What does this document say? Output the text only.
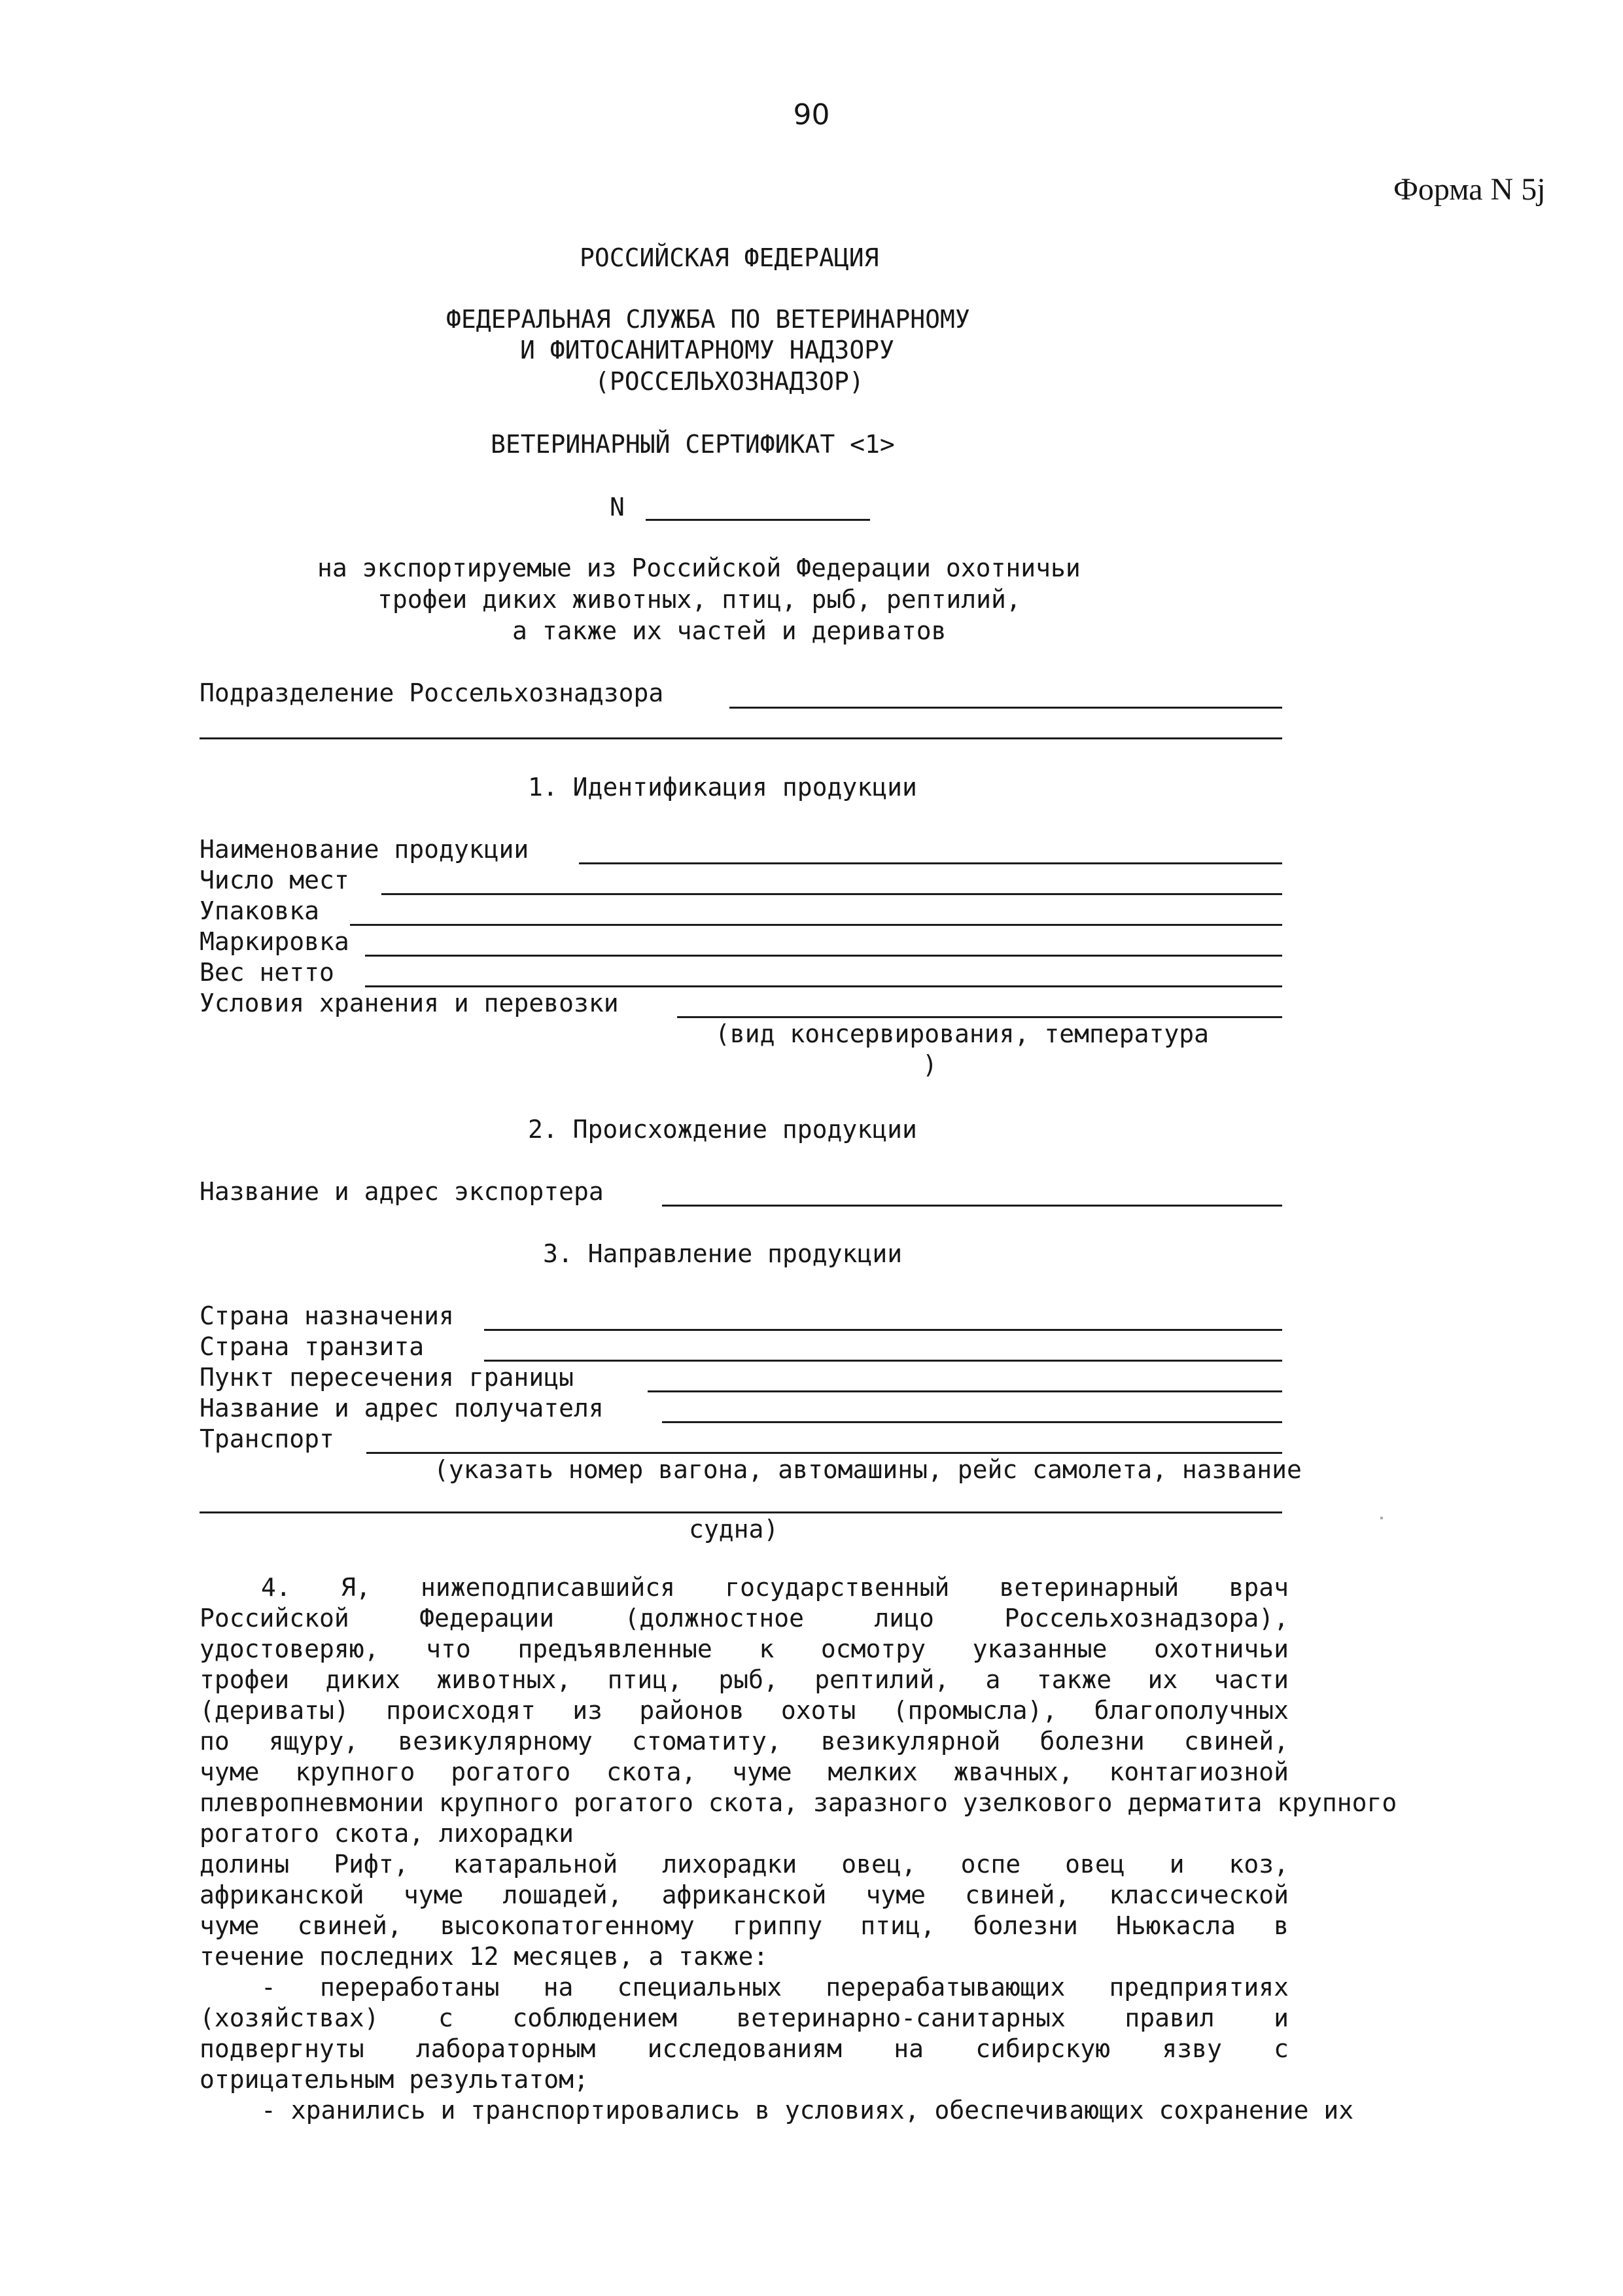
90
Форма N 5j
РОССИЙСКАЯ ФЕДЕРАЦИЯ
ФЕДЕРАЛЬНАЯ СЛУЖБА ПО ВЕТЕРИНАРНОМУ
И ФИТОСАНИТАРНОМУ НАДЗОРУ
(РОССЕЛЬХОЗНАДЗОР)
ВЕТЕРИНАРНЫЙ СЕРТИФИКАТ <1>
N
на экспортируемые из Российской Федерации охотничьи
трофеи диких животных, птиц, рыб, рептилий,
а также их частей и дериватов
Подразделение Россельхознадзора
1. Идентификация продукции
Наименование продукции
Число мест
Упаковка
Маркировка
Вес нетто
Условия хранения и перевозки
(вид консервирования, температура
)
2. Происхождение продукции
Название и адрес экспортера
3. Направление продукции
Страна назначения
Страна транзита
Пункт пересечения границы
Название и адрес получателя
Транспорт
(указать номер вагона, автомашины, рейс самолета, название
судна)
4. Я, нижеподписавшийся государственный ветеринарный врач
Российской Федерации (должностное лицо Россельхознадзора),
удостоверяю, что предъявленные к осмотру указанные охотничьи
трофеи диких животных, птиц, рыб, рептилий, а также их части
(дериваты) происходят из районов охоты (промысла), благополучных
по ящуру, везикулярному стоматиту, везикулярной болезни свиней,
чуме крупного рогатого скота, чуме мелких жвачных, контагиозной
плевропневмонии крупного рогатого скота, заразного узелкового дерматита крупного
рогатого скота, лихорадки
долины Рифт, катаральной лихорадки овец, оспе овец и коз,
африканской чуме лошадей, африканской чуме свиней, классической
чуме свиней, высокопатогенному гриппу птиц, болезни Ньюкасла в
течение последних 12 месяцев, а также:
- переработаны на специальных перерабатывающих предприятиях
(хозяйствах) с соблюдением ветеринарно-санитарных правил и
подвергнуты лабораторным исследованиям на сибирскую язву с
отрицательным результатом;
- хранились и транспортировались в условиях, обеспечивающих сохранение их
